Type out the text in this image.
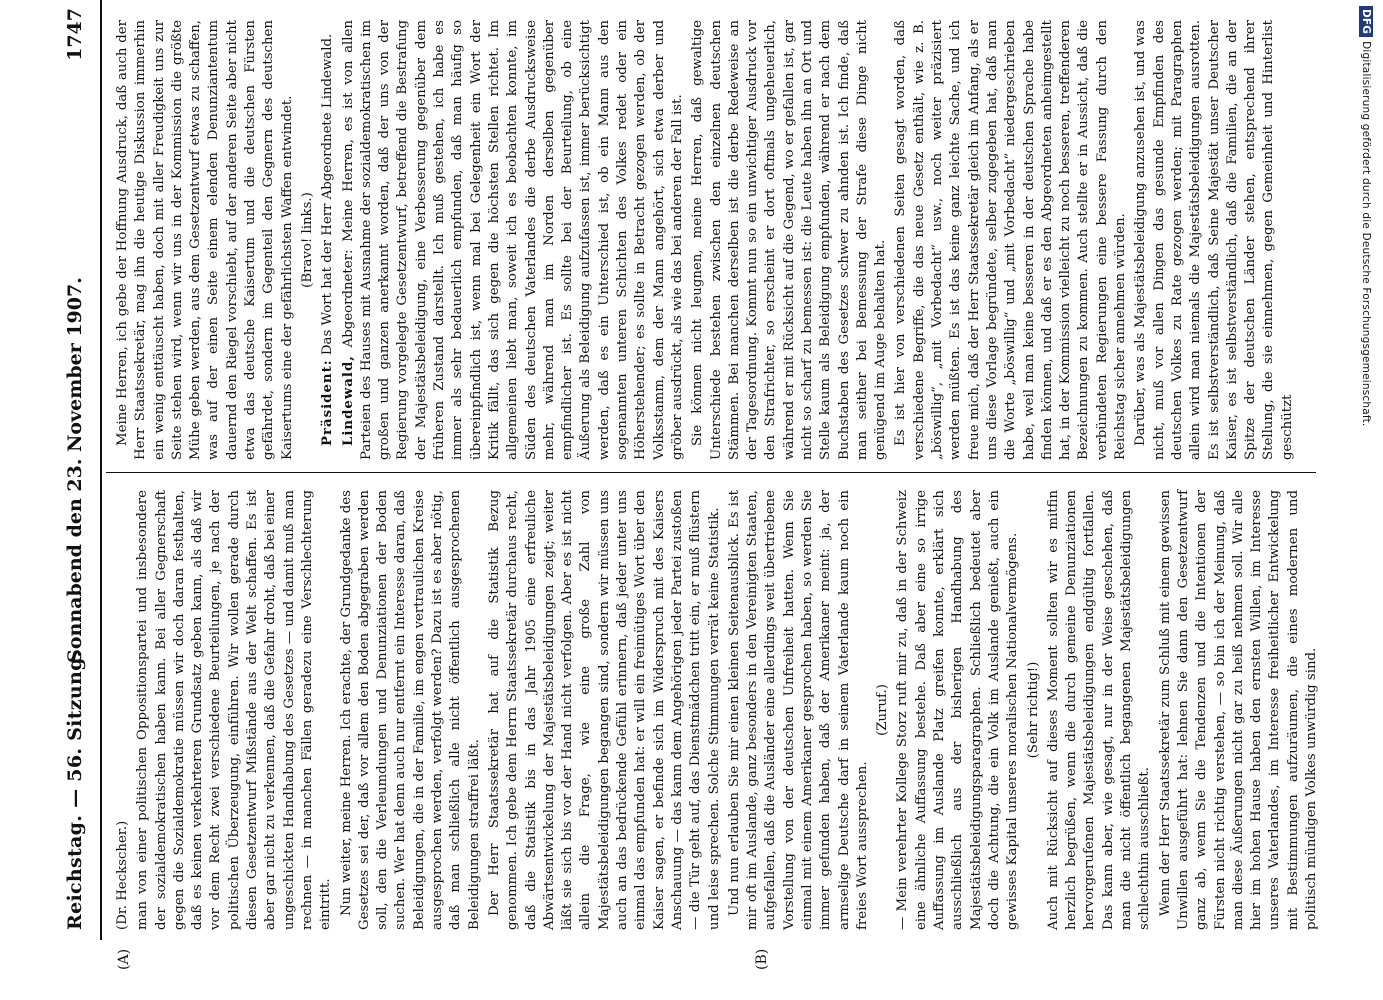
Reichstag. — 56. Sitzung.
Sonnabend den 23. November 1907.
1747

(Dr. Heckscher.) man von einer politischen Oppositionspartei und insbesondere der sozialdemokratischen haben kann. Bei aller Gegnerschaft gegen die Sozialdemokratie müssen wir doch daran festhalten, daß es keinen verkehrteren Grundsatz geben kann, als daß wir vor dem Recht zwei verschiedene Beurteilungen, je nach der politischen Überzeugung, einführen. Wir wollen gerade durch diesen Gesetzentwurf Mißstände aus der Welt schaffen. Es ist aber gar nicht zu verkennen, daß die Gefahr droht, daß bei einer ungeschickten Handhabung des Gesetzes — und damit muß man rechnen — in manchen Fällen geradezu eine Verschlechterung eintritt. Nun weiter, meine Herren. Ich erachte, der Grundgedanke des Gesetzes sei der, daß vor allem den Boden abgegraben werden soll, den die Verleumdungen und Denunziationen der Boden suchen. Wer hat denn auch nur entfernt ein Interesse daran, daß Beleidigungen, die in der Familie, im engen vertraulichen Kreise ausgesprochen werden, verfolgt werden? Dazu ist es aber nötig, daß man schließlich alle nicht öffentlich ausgesprochenen Beleidigungen straffrei läßt. Der Herr Staatssekretär hat auf die Statistik Bezug genommen. Ich gebe dem Herrn Staatssekretär durchaus recht, daß die Statistik bis in das Jahr 1905 eine erfreuliche Abwärtsentwickelung der Majestätsbeleidigungen zeigt; weiter läßt sie sich bis vor der Hand nicht verfolgen. Aber es ist nicht allein die Frage, wie eine große Zahl von Majestätsbeleidigungen begangen sind, sondern wir müssen uns auch an das bedrückende Gefühl erinnern, daß jeder unter uns einmal das empfunden hat: er will ein freimütiges Wort über den Kaiser sagen, er befinde sich im Widerspruch mit des Kaisers Anschauung — das kann dem Angehörigen jeder Partei zustoßen — die Tür geht auf, das Dienstmädchen tritt ein, er muß flüstern und leise sprechen. Solche Stimmungen verrät keine Statistik. Und nun erlauben Sie mir einen kleinen Seitenausblick. Es ist mir oft im Auslande, ganz besonders in den Vereinigten Staaten, aufgefallen, daß die Ausländer eine allerdings weit übertriebene Vorstellung von der deutschen Unfreiheit hatten. Wenn Sie einmal mit einem Amerikaner gesprochen haben, so werden Sie immer gefunden haben, daß der Amerikaner meint: ja, der armselige Deutsche darf in seinem Vaterlande kaum noch ein freies Wort aussprechen.

(Zuruf.) — Mein verehrter Kollege Storz ruft mir zu, daß in der Schweiz eine ähnliche Auffassung bestehe. Daß aber eine so irrige Auffassung im Auslande Platz greifen konnte, erklärt sich ausschließlich aus der bisherigen Handhabung des Majestätsbeleidigungsparagraphen. Schließlich bedeutet aber doch die Achtung, die ein Volk im Auslande genießt, auch ein gewisses Kapital unseres moralischen Nationalvermögens. (Sehr richtig!) Auch mit Rücksicht auf dieses Moment sollten wir es mitfin herzlich begrüßen, wenn die durch gemeine Denunziationen hervorgerufenen Majestätsbeleidigungen endgültig fortfallen. Das kann aber, wie gesagt, nur in der Weise geschehen, daß man die nicht öffentlich begangenen Majestätsbeleidigungen schlechthin ausschließt. Wenn der Herr Staatssekretär zum Schluß mit einem gewissen Unwillen ausgeführt hat: lehnen Sie dann den Gesetzentwurf ganz ab, wenn Sie die Tendenzen und die Intentionen der Fürsten nicht richtig verstehen, — so bin ich der Meinung, daß man diese Äußerungen nicht gar zu heiß nehmen soll. Wir alle hier im hohen Hause haben den ernsten Willen, im Interesse unseres Vaterlandes, im Interesse freiheitlicher Entwickelung mit Bestimmungen aufzuräumen, die eines modernen und politisch mündigen Volkes unwürdig sind.

Meine Herren, ich gebe der Hoffnung Ausdruck, daß auch der Herr Staatssekretär, mag ihn die heutige Diskussion immerhin ein wenig enttäuscht haben, doch mit aller Freudigkeit uns zur Seite stehen wird, wenn wir uns in der Kommission die größte Mühe geben werden, aus dem Gesetzentwurf etwas zu schaffen, was auf der einen Seite einem elenden Denunziantentum dauernd den Riegel vorschiebt, auf der anderen Seite aber nicht etwa das deutsche Kaisertum und die deutschen Fürsten gefährdet, sondern im Gegenteil den Gegnern des deutschen Kaisertums eine der gefährlichsten Waffen entwindet. (Bravo! links.)

Präsident: Das Wort hat der Herr Abgeordnete Lindewald.

Lindewald, Abgeordneter: Meine Herren, es ist von allen Parteien des Hauses mit Ausnahme der sozialdemokratischen im großen und ganzen anerkannt worden, daß der uns von der Regierung vorgelegte Gesetzentwurf, betreffend die Bestrafung der Majestätsbeleidigung, eine Verbesserung gegenüber dem früheren Zustand darstellt. Ich muß gestehen, ich habe es immer als sehr bedauerlich empfunden, daß man häufig so übereinpfindlich ist, wenn mal bei Gelegenheit ein Wort der Kritik fällt, das sich gegen die höchsten Stellen richtet. Im allgemeinen liebt man, soweit ich es beobachten konnte, im Süden des deutschen Vaterlandes die derbe Ausdrucksweise mehr, während man im Norden derselben gegenüber empfindlicher ist. Es sollte bei der Beurteilung, ob eine Äußerung als Beleidigung aufzufassen ist, immer berücksichtigt werden, daß es ein Unterschied ist, ob ein Mann aus den sogenannten unteren Schichten des Volkes redet oder ein Höherstehender; es sollte in Betracht gezogen werden, ob der Volksstamm, dem der Mann angehört, sich etwa derber und gröber ausdrückt, als wie das bei anderen der Fall ist. Sie können nicht leugnen, meine Herren, daß gewaltige Unterschiede bestehen zwischen den einzelnen deutschen Stämmen. Bei manchen derselben ist die derbe Redeweise an der Tagesordnung. Kommt nun so ein unwichtiger Ausdruck vor den Strafrichter, so erscheint er dort oftmals ungeheuerlich, während er mit Rücksicht auf die Gegend, wo er gefallen ist, gar nicht so scharf zu bemessen ist: die Leute haben ihn an Ort und Stelle kaum als Beleidigung empfunden, während er nach dem Buchstaben des Gesetzes schwer zu ahnden ist. Ich finde, daß man seither bei Bemessung der Strafe diese Dinge nicht genügend im Auge behalten hat. Es ist hier von verschiedenen Seiten gesagt worden, daß verschiedene Begriffe, die das neue Gesetz enthält, wie z. B. „böswillig“, „mit Vorbedacht“ usw., noch weiter präzisiert werden müßten. Es ist das keine ganz leichte Sache, und ich freue mich, daß der Herr Staatssekretär gleich im Anfang, als er uns diese Vorlage begründete, selber zugegeben hat, daß man die Worte „böswillig“ und „mit Vorbedacht“ niedergeschrieben habe, weil man keine besseren in der deutschen Sprache habe finden können, und daß er es den Abgeordneten anheimgestellt hat, in der Kommission vielleicht zu noch besseren, treffenderen Bezeichnungen zu kommen. Auch stellte er in Aussicht, daß die verbündeten Regierungen eine bessere Fassung durch den Reichstag sicher annehmen würden. Darüber, was als Majestätsbeleidigung anzusehen ist, und was nicht, muß vor allen Dingen das gesunde Empfinden des deutschen Volkes zu Rate gezogen werden; mit Paragraphen allein wird man niemals die Majestätsbeleidigungen ausrotten. Es ist selbstverständlich, daß Seine Majestät unser Deutscher Kaiser, es ist selbstverständlich, daß die Familien, die an der Spitze der deutschen Länder stehen, entsprechend ihrer Stellung, die sie einnehmen, gegen Gemeinheit und Hinterlist geschützt

(A)	(B)
DFGDigitalisierung gefördert durch die Deutsche Forschungsgemeinschaft.
